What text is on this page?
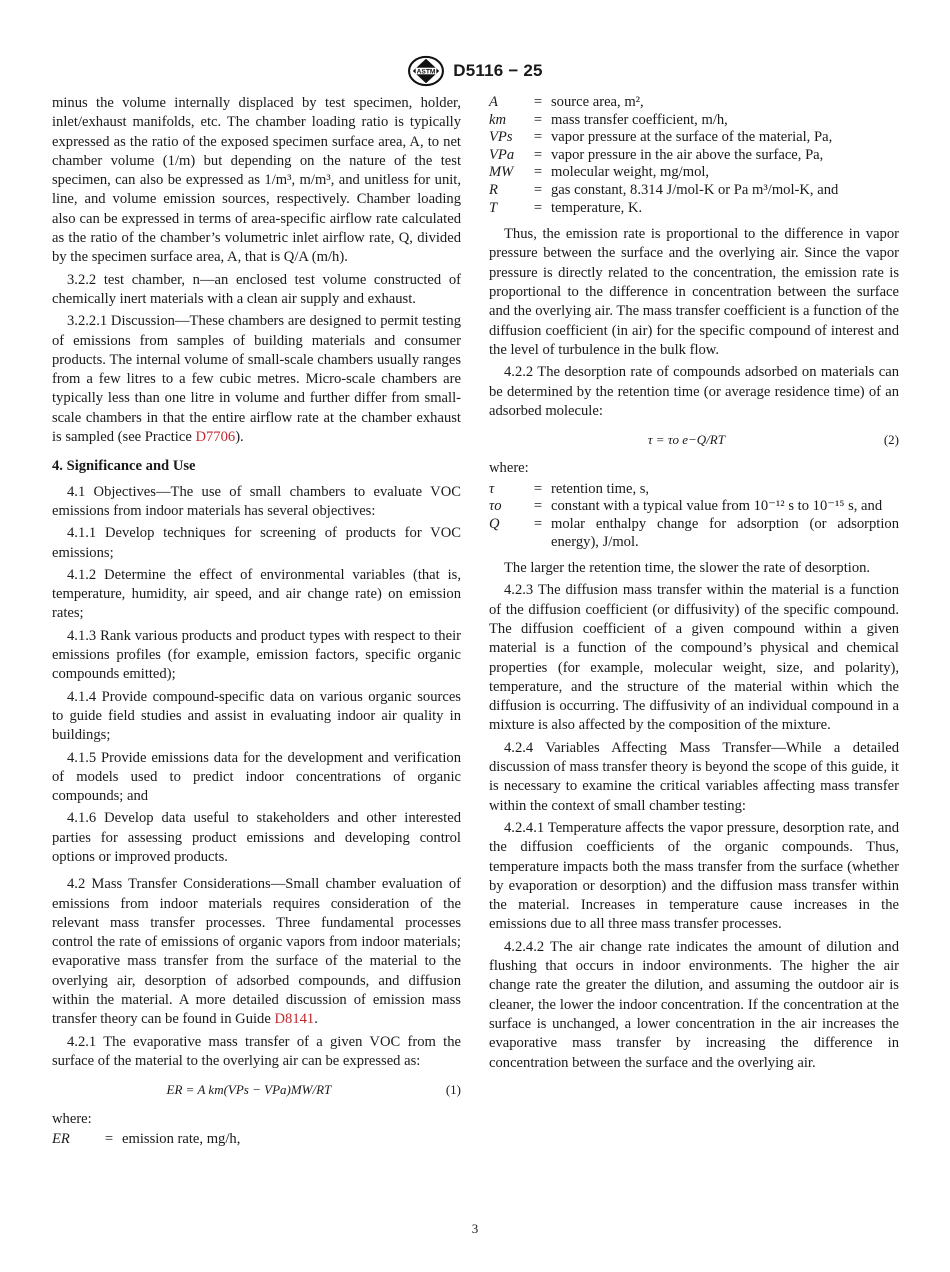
ASTM D5116 − 25

minus the volume internally displaced by test specimen, holder, inlet/exhaust manifolds, etc. The chamber loading ratio is typically expressed as the ratio of the exposed specimen surface area, A, to net chamber volume (1/m) but depending on the nature of the test specimen, can also be expressed as 1/m³, m/m³, and unitless for unit, line, and volume emission sources, respectively. Chamber loading also can be expressed in terms of area-specific airflow rate calculated as the ratio of the chamber’s volumetric inlet airflow rate, Q, divided by the specimen surface area, A, that is Q/A (m/h).

3.2.2 test chamber, n—an enclosed test volume constructed of chemically inert materials with a clean air supply and exhaust.

3.2.2.1 Discussion—These chambers are designed to permit testing of emissions from samples of building materials and consumer products. The internal volume of small-scale chambers usually ranges from a few litres to a few cubic metres. Micro-scale chambers are typically less than one litre in volume and further differ from small-scale chambers in that the entire airflow rate at the chamber exhaust is sampled (see Practice D7706).

4. Significance and Use

4.1 Objectives—The use of small chambers to evaluate VOC emissions from indoor materials has several objectives:

4.1.1 Develop techniques for screening of products for VOC emissions;

4.1.2 Determine the effect of environmental variables (that is, temperature, humidity, air speed, and air change rate) on emission rates;

4.1.3 Rank various products and product types with respect to their emissions profiles (for example, emission factors, specific organic compounds emitted);

4.1.4 Provide compound-specific data on various organic sources to guide field studies and assist in evaluating indoor air quality in buildings;

4.1.5 Provide emissions data for the development and verification of models used to predict indoor concentrations of organic compounds; and

4.1.6 Develop data useful to stakeholders and other interested parties for assessing product emissions and developing control options or improved products.

4.2 Mass Transfer Considerations—Small chamber evaluation of emissions from indoor materials requires consideration of the relevant mass transfer processes. Three fundamental processes control the rate of emissions of organic vapors from indoor materials; evaporative mass transfer from the surface of the material to the overlying air, desorption of adsorbed compounds, and diffusion within the material. A more detailed discussion of emission mass transfer theory can be found in Guide D8141.

4.2.1 The evaporative mass transfer of a given VOC from the surface of the material to the overlying air can be expressed as:

ER = A km(VPs − VPa)MW/RT	(1)

where:

ER	=	emission rate, mg/h,
A	=	source area, m²,
km	=	mass transfer coefficient, m/h,
VPs	=	vapor pressure at the surface of the material, Pa,
VPa	=	vapor pressure in the air above the surface, Pa,
MW	=	molecular weight, mg/mol,
R	=	gas constant, 8.314 J/mol-K or Pa m³/mol-K, and
T	=	temperature, K.

Thus, the emission rate is proportional to the difference in vapor pressure between the surface and the overlying air. Since the vapor pressure is directly related to the concentration, the emission rate is proportional to the difference in concentration between the surface and the overlying air. The mass transfer coefficient is a function of the diffusion coefficient (in air) for the specific compound of interest and the level of turbulence in the bulk flow.

4.2.2 The desorption rate of compounds adsorbed on materials can be determined by the retention time (or average residence time) of an adsorbed molecule:

τ = τo e−Q/RT	(2)

where:

τ	=	retention time, s,
τo	=	constant with a typical value from 10⁻¹² s to 10⁻¹⁵ s, and
Q	=	molar enthalpy change for adsorption (or adsorption energy), J/mol.

The larger the retention time, the slower the rate of desorption.

4.2.3 The diffusion mass transfer within the material is a function of the diffusion coefficient (or diffusivity) of the specific compound. The diffusion coefficient of a given compound within a given material is a function of the compound’s physical and chemical properties (for example, molecular weight, size, and polarity), temperature, and the structure of the material within which the diffusion is occurring. The diffusivity of an individual compound in a mixture is also affected by the composition of the mixture.

4.2.4 Variables Affecting Mass Transfer—While a detailed discussion of mass transfer theory is beyond the scope of this guide, it is necessary to examine the critical variables affecting mass transfer within the context of small chamber testing:

4.2.4.1 Temperature affects the vapor pressure, desorption rate, and the diffusion coefficients of the organic compounds. Thus, temperature impacts both the mass transfer from the surface (whether by evaporation or desorption) and the diffusion mass transfer within the material. Increases in temperature cause increases in the emissions due to all three mass transfer processes.

4.2.4.2 The air change rate indicates the amount of dilution and flushing that occurs in indoor environments. The higher the air change rate the greater the dilution, and assuming the outdoor air is cleaner, the lower the indoor concentration. If the concentration at the surface is unchanged, a lower concentration in the air increases the evaporative mass transfer by increasing the difference in concentration between the surface and the overlying air.

3
